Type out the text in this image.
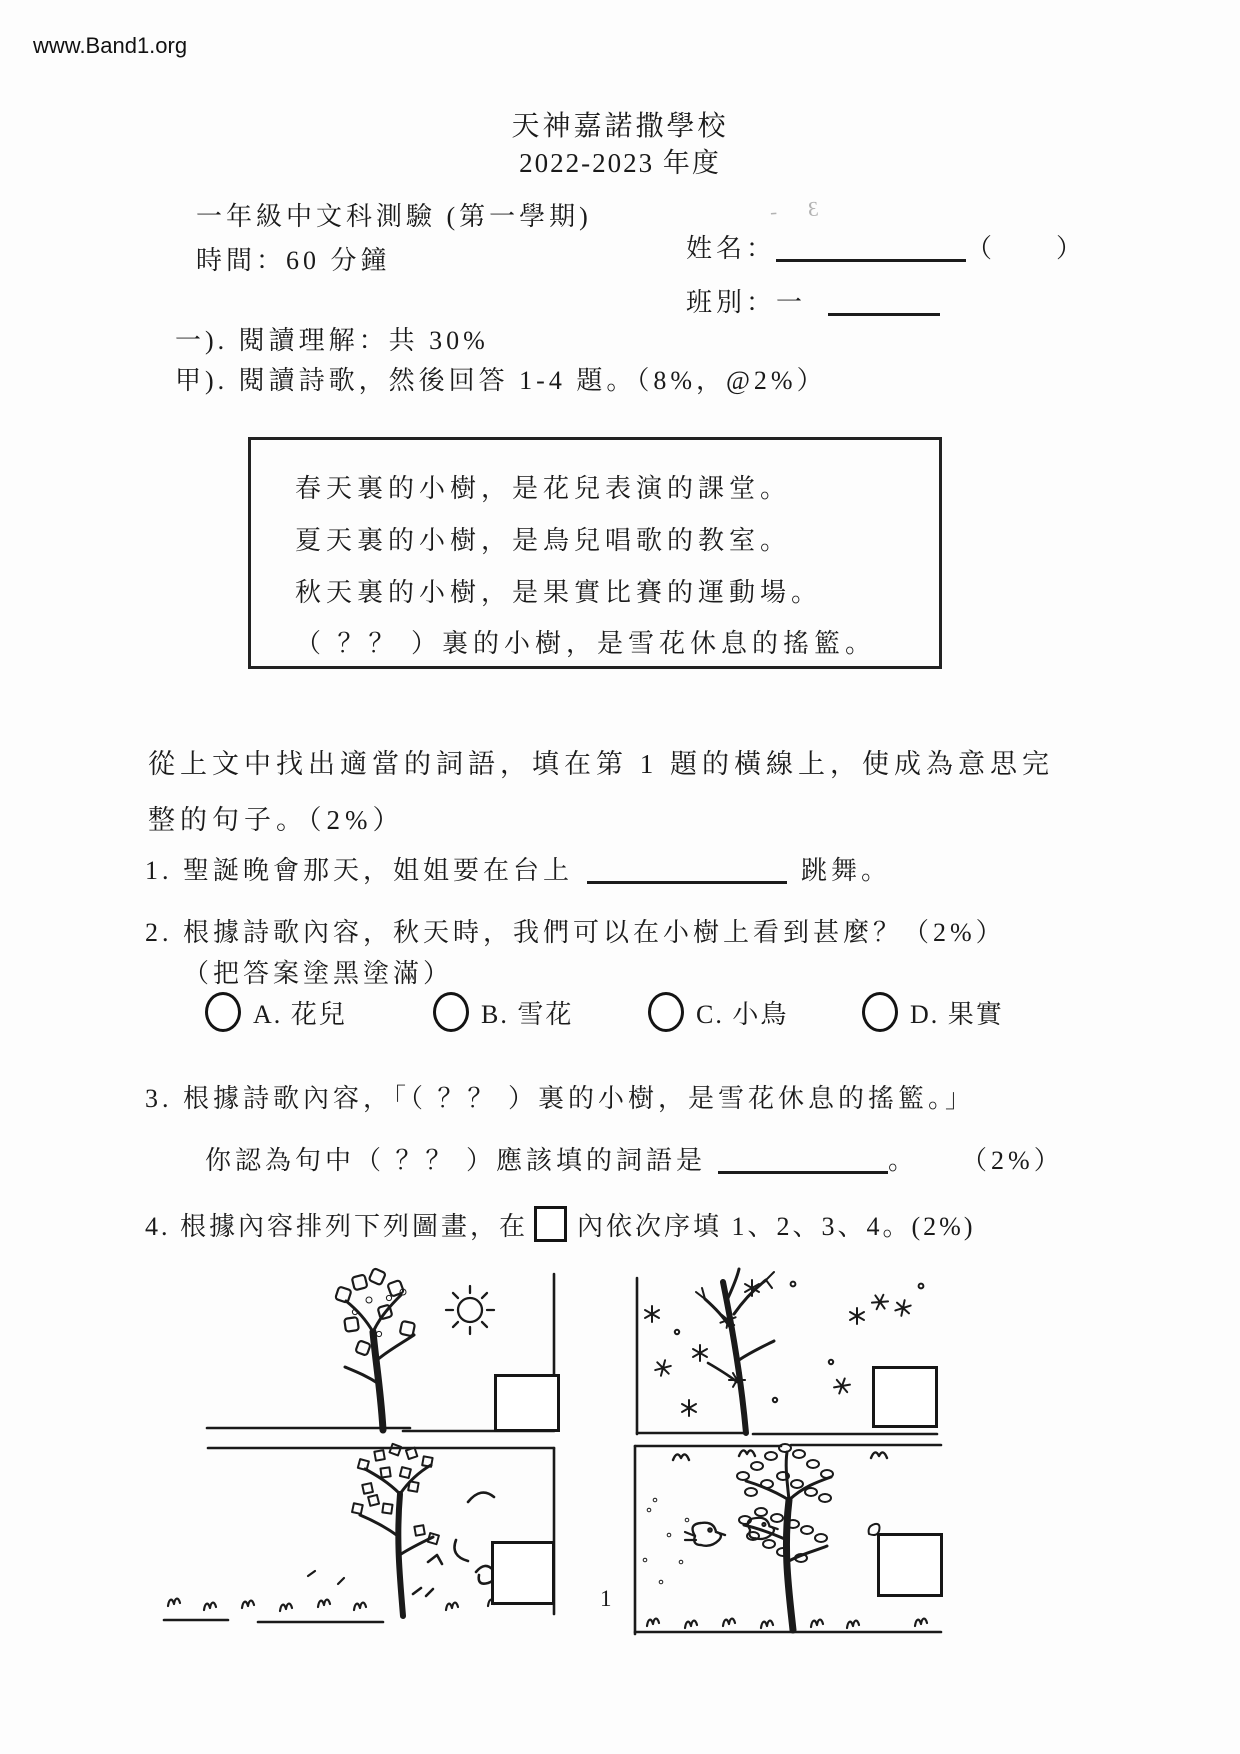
www.Band1.org
天神嘉諾撒學校
2022-2023 年度
一年級中文科測驗 (第一學期)
時間：60 分鐘
-    Ɛ
姓名：	（　　）
班別：一
一). 閱讀理解：共 30%
甲). 閱讀詩歌，然後回答 1-4 題。（8%，@2%）
春天裏的小樹，是花兒表演的課堂。
夏天裏的小樹，是鳥兒唱歌的教室。
秋天裏的小樹，是果實比賽的運動場。
（ ？？ ）裏的小樹，是雪花休息的搖籃。
從上文中找出適當的詞語，填在第 1 題的橫線上，使成為意思完
整的句子。（2%）
1. 聖誕晚會那天，姐姐要在台上	跳舞。
2. 根據詩歌內容，秋天時，我們可以在小樹上看到甚麼？（2%）
（把答案塗黑塗滿）
A. 花兒	B. 雪花	C. 小鳥	D. 果實
3. 根據詩歌內容，「（ ？？ ）裏的小樹，是雪花休息的搖籃。」
你認為句中（ ？？ ）應該填的詞語是	。 （2%）
4. 根據內容排列下列圖畫，在 內依次序填 1、2、3、4。(2%)
1
